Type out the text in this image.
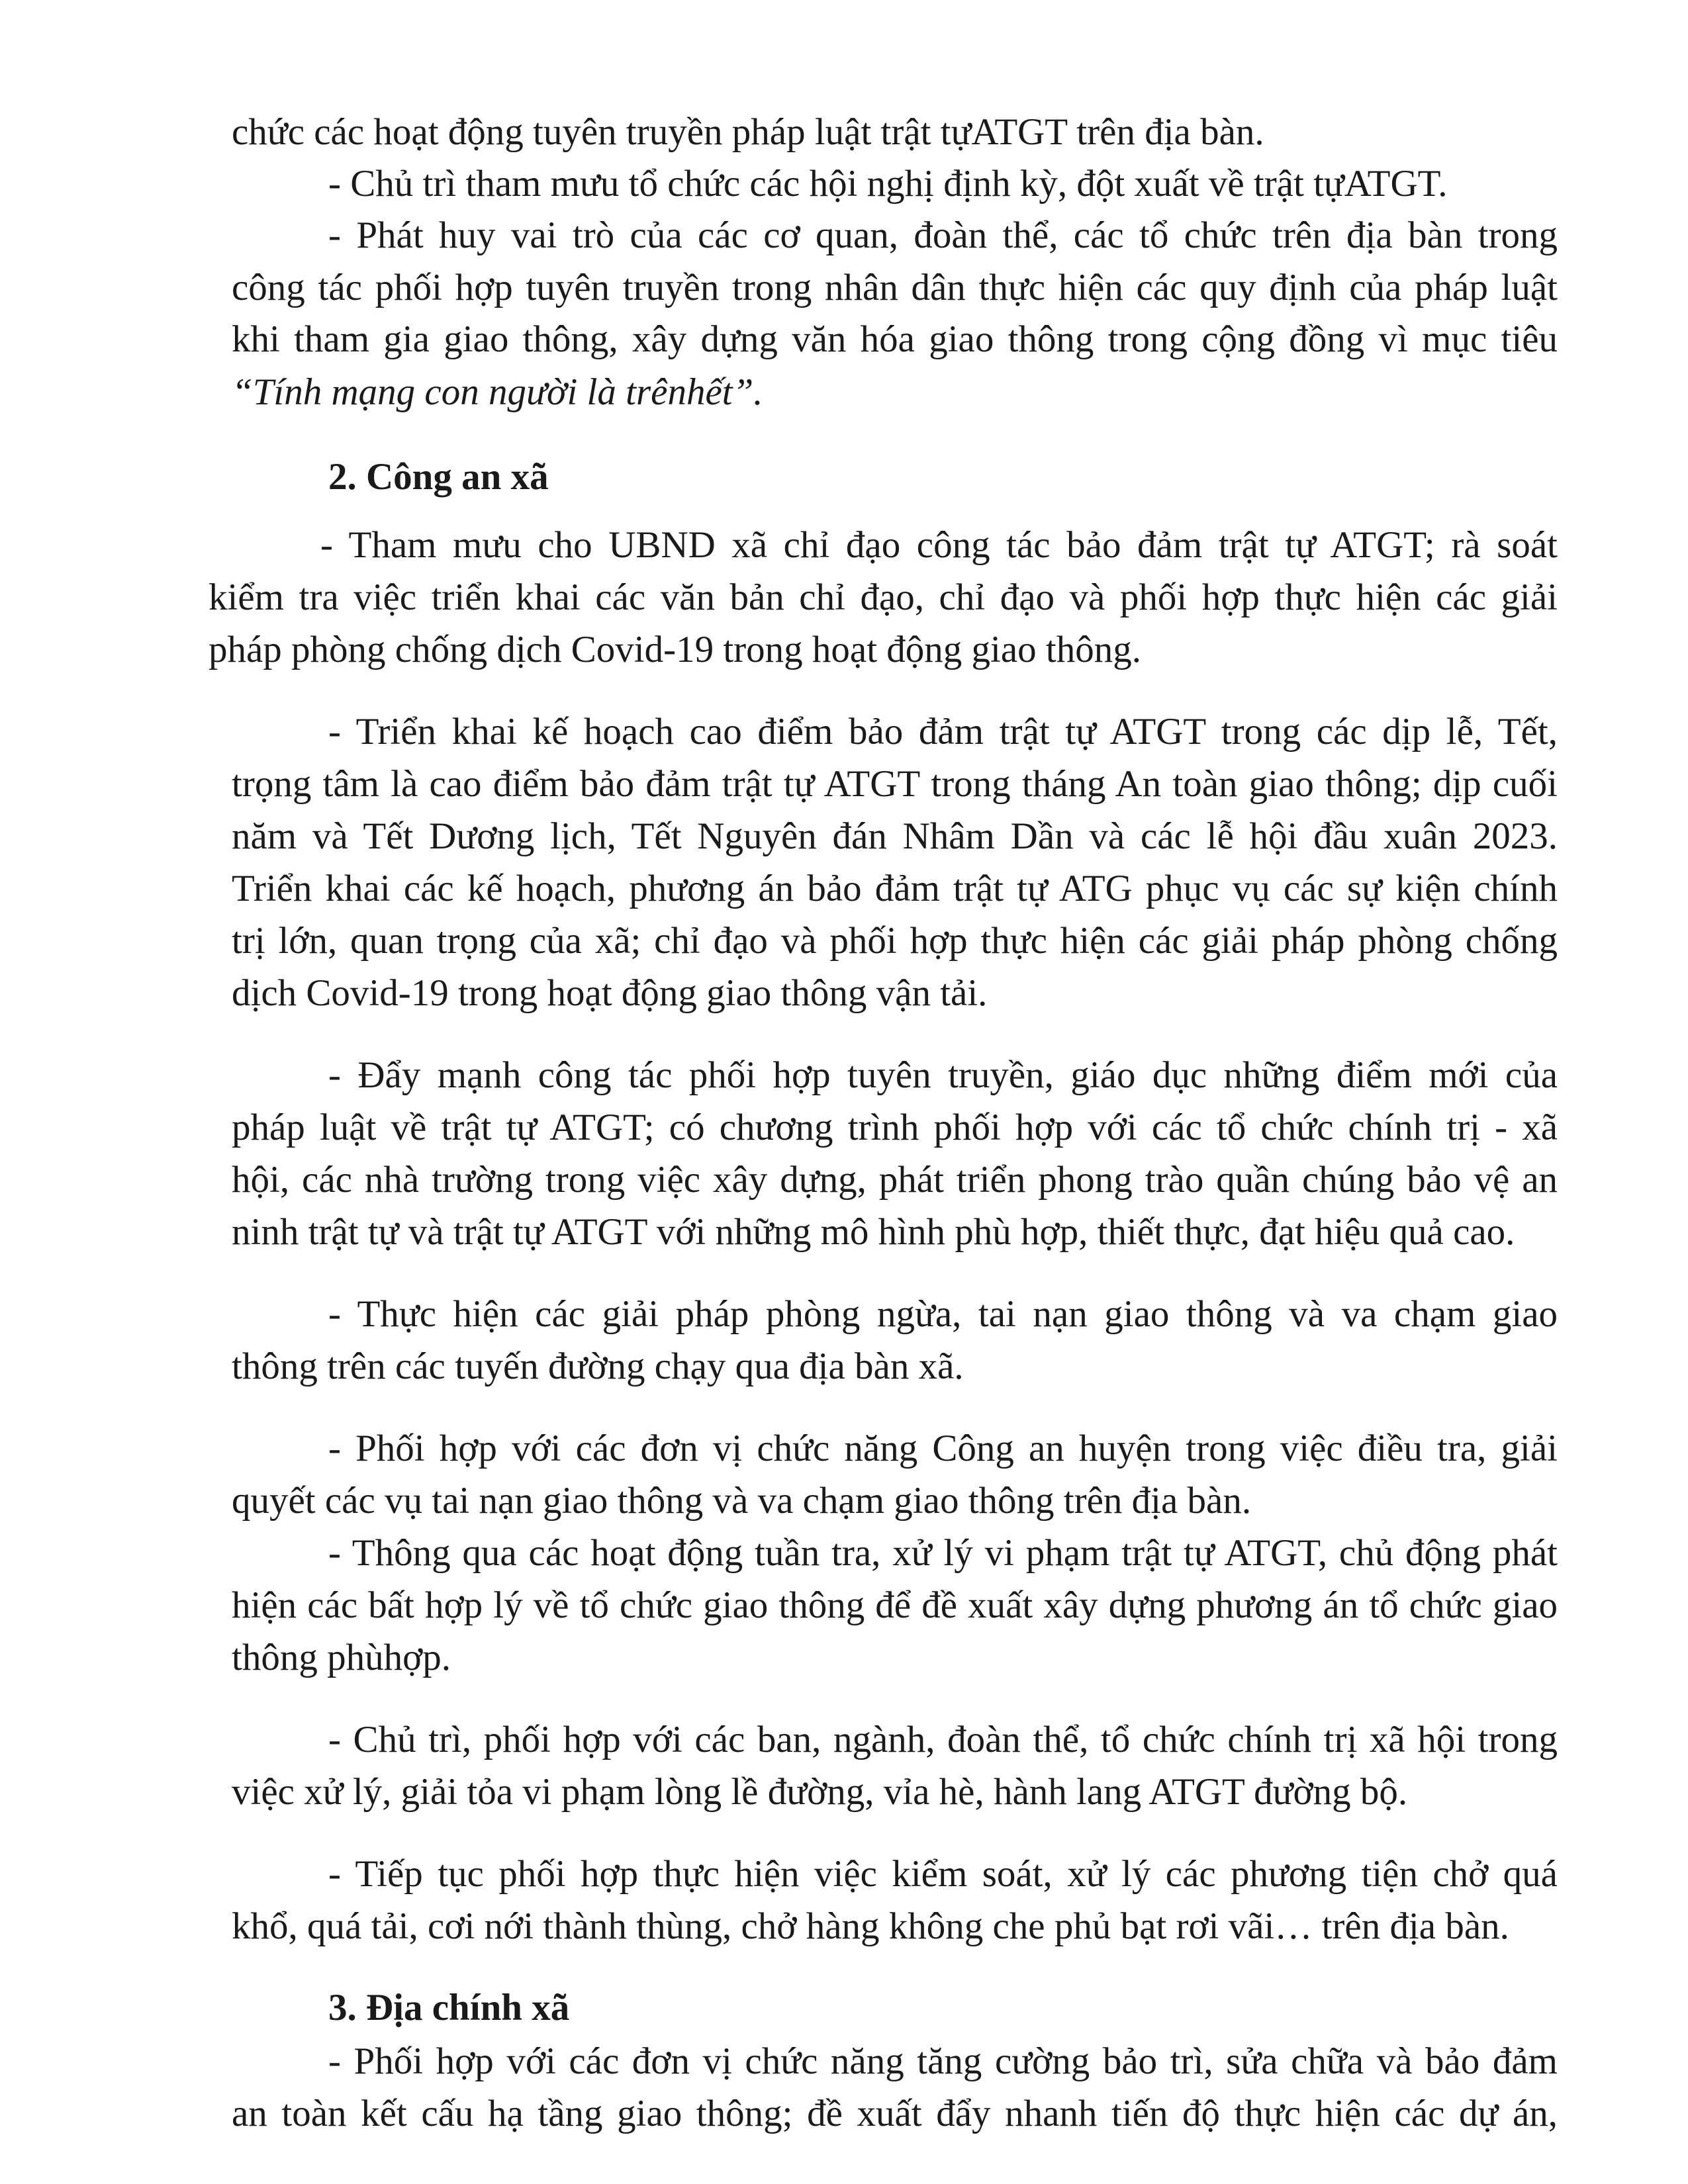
chức các hoạt động tuyên truyền pháp luật trật tựATGT trên địa bàn.

- Chủ trì tham mưu tổ chức các hội nghị định kỳ, đột xuất về trật tựATGT.

- Phát huy vai trò của các cơ quan, đoàn thể, các tổ chức trên địa bàn trong

công tác phối hợp tuyên truyền trong nhân dân thực hiện các quy định của pháp luật

khi tham gia giao thông, xây dựng văn hóa giao thông trong cộng đồng vì mục tiêu

“Tính mạng con người là trênhết”.

2. Công an xã

- Tham mưu cho UBND xã chỉ đạo công tác bảo đảm trật tự ATGT; rà soát

kiểm tra việc triển khai các văn bản chỉ đạo, chỉ đạo và phối hợp thực hiện các giải

pháp phòng chống dịch Covid-19 trong hoạt động giao thông.

- Triển khai kế hoạch cao điểm bảo đảm trật tự ATGT trong các dịp lễ, Tết,

trọng tâm là cao điểm bảo đảm trật tự ATGT trong tháng An toàn giao thông; dịp cuối

năm và Tết Dương lịch, Tết Nguyên đán Nhâm Dần và các lễ hội đầu xuân 2023.

Triển khai các kế hoạch, phương án bảo đảm trật tự ATG phục vụ các sự kiện chính

trị lớn, quan trọng của xã; chỉ đạo và phối hợp thực hiện các giải pháp phòng chống

dịch Covid-19 trong hoạt động giao thông vận tải.

- Đẩy mạnh công tác phối hợp tuyên truyền, giáo dục những điểm mới của

pháp luật về trật tự ATGT; có chương trình phối hợp với các tổ chức chính trị - xã

hội, các nhà trường trong việc xây dựng, phát triển phong trào quần chúng bảo vệ an

ninh trật tự và trật tự ATGT với những mô hình phù hợp, thiết thực, đạt hiệu quả cao.

- Thực hiện các giải pháp phòng ngừa, tai nạn giao thông và va chạm giao

thông trên các tuyến đường chạy qua địa bàn xã.

- Phối hợp với các đơn vị chức năng Công an huyện trong việc điều tra, giải

quyết các vụ tai nạn giao thông và va chạm giao thông trên địa bàn.

- Thông qua các hoạt động tuần tra, xử lý vi phạm trật tự ATGT, chủ động phát

hiện các bất hợp lý về tổ chức giao thông để đề xuất xây dựng phương án tổ chức giao

thông phùhợp.

- Chủ trì, phối hợp với các ban, ngành, đoàn thể, tổ chức chính trị xã hội trong

việc xử lý, giải tỏa vi phạm lòng lề đường, vỉa hè, hành lang ATGT đường bộ.

- Tiếp tục phối hợp thực hiện việc kiểm soát, xử lý các phương tiện chở quá

khổ, quá tải, cơi nới thành thùng, chở hàng không che phủ bạt rơi vãi… trên địa bàn.

3. Địa chính xã

- Phối hợp với các đơn vị chức năng tăng cường bảo trì, sửa chữa và bảo đảm

an toàn kết cấu hạ tầng giao thông; đề xuất đẩy nhanh tiến độ thực hiện các dự án,
